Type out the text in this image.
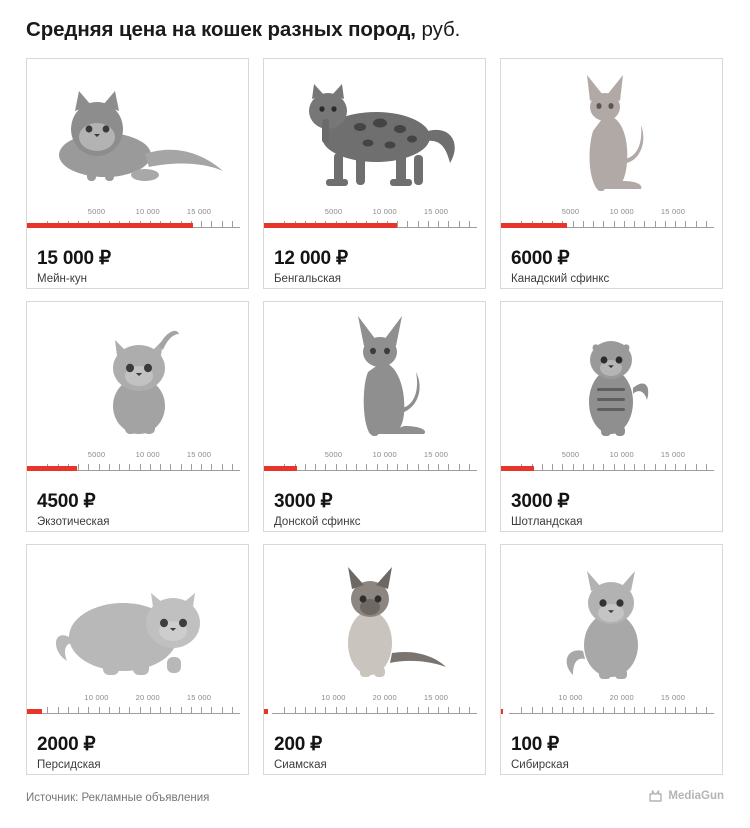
Средняя цена на кошек разных пород, руб.
5000	10 000	15 000
15 000 ₽
Мейн-кун
5000	10 000	15 000
12 000 ₽
Бенгальская
5000	10 000	15 000
6000 ₽
Канадский сфинкс
5000	10 000	15 000
4500 ₽
Экзотическая
5000	10 000	15 000
3000 ₽
Донской сфинкс
5000	10 000	15 000
3000 ₽
Шотландская
10 000	20 000	15 000
2000 ₽
Персидская
10 000	20 000	15 000
200 ₽
Сиамская
10 000	20 000	15 000
100 ₽
Сибирская
Источник: Рекламные объявления	MediaGun
